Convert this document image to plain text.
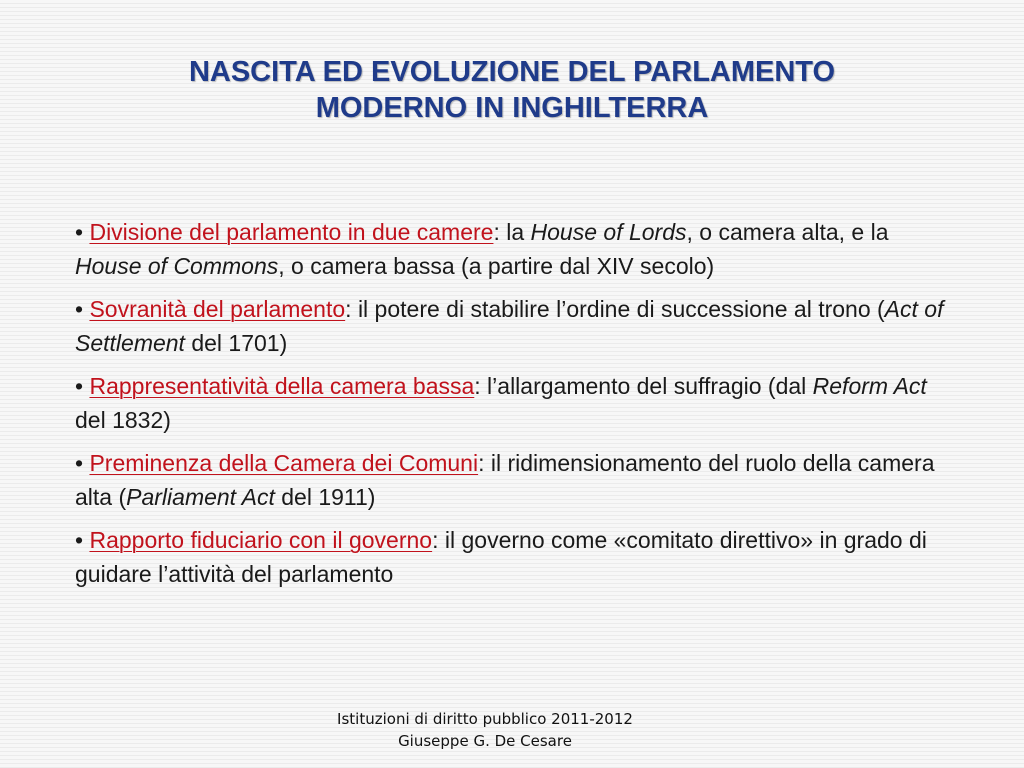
NASCITA ED EVOLUZIONE DEL PARLAMENTO
MODERNO IN INGHILTERRA
• Divisione del parlamento in due camere: la House of Lords, o camera alta, e la House of Commons, o camera bassa (a partire dal XIV secolo)
• Sovranità del parlamento: il potere di stabilire l’ordine di successione al trono (Act of Settlement del 1701)
• Rappresentatività della camera bassa: l’allargamento del suffragio (dal Reform Act del 1832)
• Preminenza della Camera dei Comuni: il ridimensionamento del ruolo della camera alta (Parliament Act del 1911)
• Rapporto fiduciario con il governo: il governo come «comitato direttivo» in grado di guidare l’attività del parlamento
Istituzioni di diritto pubblico 2011-2012
Giuseppe G. De Cesare
